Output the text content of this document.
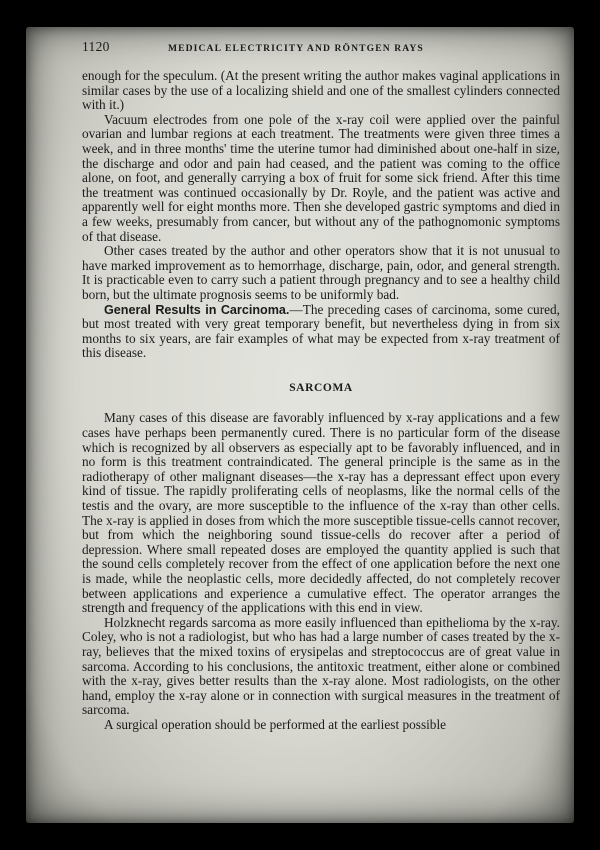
1120	MEDICAL ELECTRICITY AND RÖNTGEN RAYS

enough for the speculum. (At the present writing the author makes vaginal applications in similar cases by the use of a localizing shield and one of the smallest cylinders connected with it.)

Vacuum electrodes from one pole of the x-ray coil were applied over the painful ovarian and lumbar regions at each treatment. The treatments were given three times a week, and in three months' time the uterine tumor had diminished about one-half in size, the discharge and odor and pain had ceased, and the patient was coming to the office alone, on foot, and generally carrying a box of fruit for some sick friend. After this time the treatment was continued occasionally by Dr. Royle, and the patient was active and apparently well for eight months more. Then she developed gastric symptoms and died in a few weeks, presumably from cancer, but without any of the pathognomonic symptoms of that disease.

Other cases treated by the author and other operators show that it is not unusual to have marked improvement as to hemorrhage, discharge, pain, odor, and general strength. It is practicable even to carry such a patient through pregnancy and to see a healthy child born, but the ultimate prognosis seems to be uniformly bad.

General Results in Carcinoma.—The preceding cases of carcinoma, some cured, but most treated with very great temporary benefit, but nevertheless dying in from six months to six years, are fair examples of what may be expected from x-ray treatment of this disease.

SARCOMA

Many cases of this disease are favorably influenced by x-ray applications and a few cases have perhaps been permanently cured. There is no particular form of the disease which is recognized by all observers as especially apt to be favorably influenced, and in no form is this treatment contraindicated. The general principle is the same as in the radiotherapy of other malignant diseases—the x-ray has a depressant effect upon every kind of tissue. The rapidly proliferating cells of neoplasms, like the normal cells of the testis and the ovary, are more susceptible to the influence of the x-ray than other cells. The x-ray is applied in doses from which the more susceptible tissue-cells cannot recover, but from which the neighboring sound tissue-cells do recover after a period of depression. Where small repeated doses are employed the quantity applied is such that the sound cells completely recover from the effect of one application before the next one is made, while the neoplastic cells, more decidedly affected, do not completely recover between applications and experience a cumulative effect. The operator arranges the strength and frequency of the applications with this end in view.

Holzknecht regards sarcoma as more easily influenced than epithelioma by the x-ray. Coley, who is not a radiologist, but who has had a large number of cases treated by the x-ray, believes that the mixed toxins of erysipelas and streptococcus are of great value in sarcoma. According to his conclusions, the antitoxic treatment, either alone or combined with the x-ray, gives better results than the x-ray alone. Most radiologists, on the other hand, employ the x-ray alone or in connection with surgical measures in the treatment of sarcoma.

A surgical operation should be performed at the earliest possible
